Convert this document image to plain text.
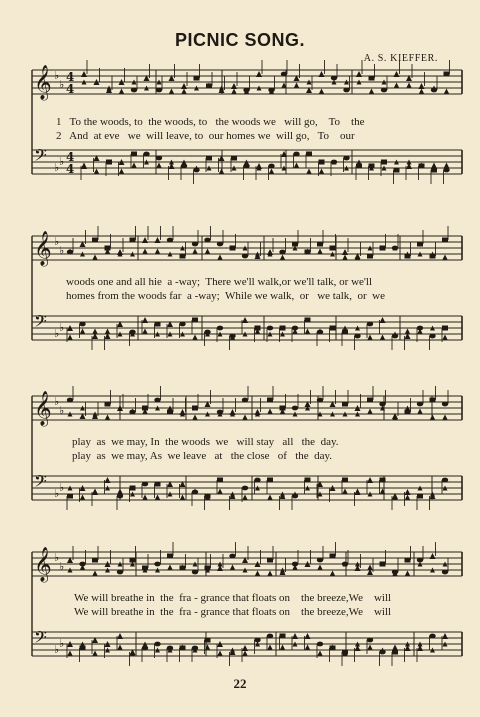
PICNIC SONG.
A. S. KIEFFER.
𝄞 ♭
♭
𝄢 ♭ ♭
4
4
4
4
𝄞 ♭
♭
𝄢 ♭ ♭
𝄞 ♭
♭
𝄢 ♭ ♭
𝄞 ♭
♭
𝄢 ♭ ♭
1   To the woods, to  the woods, to   the woods we   will go,    To    the
2   And  at eve   we  will leave, to  our homes we  will go,   To    our
woods one and all hie  a -way;  There we'll walk,or we'll talk, or we'll
homes from the woods far  a -way;  While we walk,  or   we talk,  or  we
play  as  we may, In  the woods  we   will stay   all   the  day.
play  as  we may, As  we leave   at   the close   of   the  day.
We will breathe in  the  fra - grance that floats on    the breeze,We    will
We will breathe in  the  fra - grance that floats on    the breeze,We    will
22
